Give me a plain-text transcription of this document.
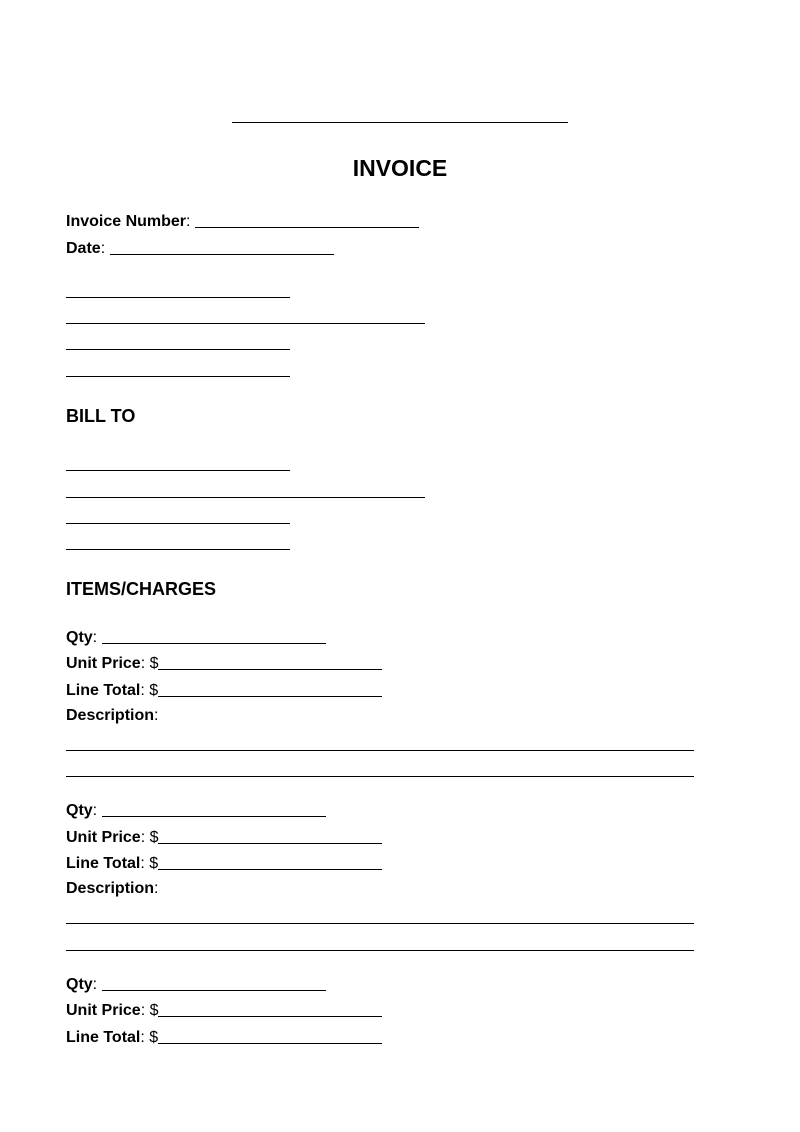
INVOICE
Invoice Number:
Date:
BILL TO
ITEMS/CHARGES
Qty:
Unit Price: $
Line Total: $
Description:
Qty:
Unit Price: $
Line Total: $
Description:
Qty:
Unit Price: $
Line Total: $
